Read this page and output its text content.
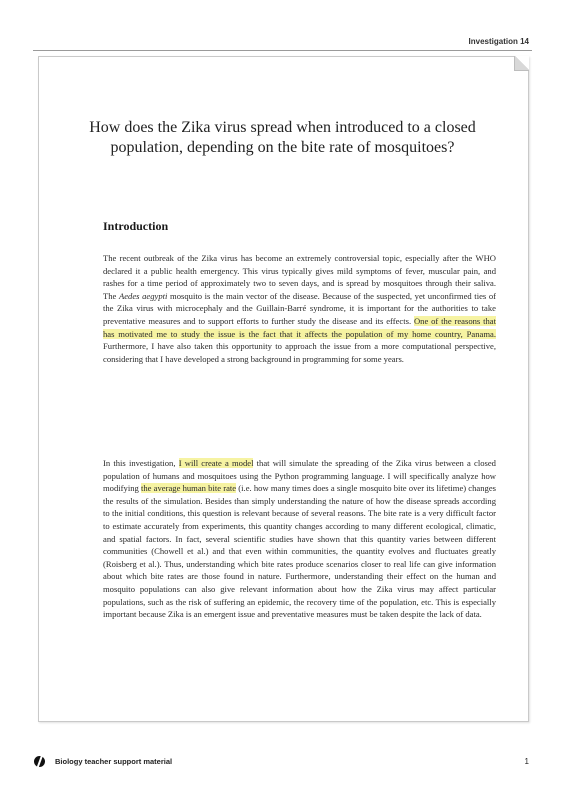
Investigation 14
How does the Zika virus spread when introduced to a closed population, depending on the bite rate of mosquitoes?
Introduction

The recent outbreak of the Zika virus has become an extremely controversial topic, especially after the WHO declared it a public health emergency. This virus typically gives mild symptoms of fever, muscular pain, and rashes for a time period of approximately two to seven days, and is spread by mosquitoes through their saliva. The Aedes aegypti mosquito is the main vector of the disease. Because of the suspected, yet unconfirmed ties of the Zika virus with microcephaly and the Guillain-Barré syndrome, it is important for the authorities to take preventative measures and to support efforts to further study the disease and its effects. One of the reasons that has motivated me to study the issue is the fact that it affects the population of my home country, Panama. Furthermore, I have also taken this opportunity to approach the issue from a more computational perspective, considering that I have developed a strong background in programming for some years.

In this investigation, I will create a model that will simulate the spreading of the Zika virus between a closed population of humans and mosquitoes using the Python programming language. I will specifically analyze how modifying the average human bite rate (i.e. how many times does a single mosquito bite over its lifetime) changes the results of the simulation. Besides than simply understanding the nature of how the disease spreads according to the initial conditions, this question is relevant because of several reasons. The bite rate is a very difficult factor to estimate accurately from experiments, this quantity changes according to many different ecological, climatic, and spatial factors. In fact, several scientific studies have shown that this quantity varies between different communities (Chowell et al.) and that even within communities, the quantity evolves and fluctuates greatly (Roisberg et al.). Thus, understanding which bite rates produce scenarios closer to real life can give information about which bite rates are those found in nature. Furthermore, understanding their effect on the human and mosquito populations can also give relevant information about how the Zika virus may affect particular populations, such as the risk of suffering an epidemic, the recovery time of the population, etc. This is especially important because Zika is an emergent issue and preventative measures must be taken despite the lack of data.

Biology teacher support material	1
